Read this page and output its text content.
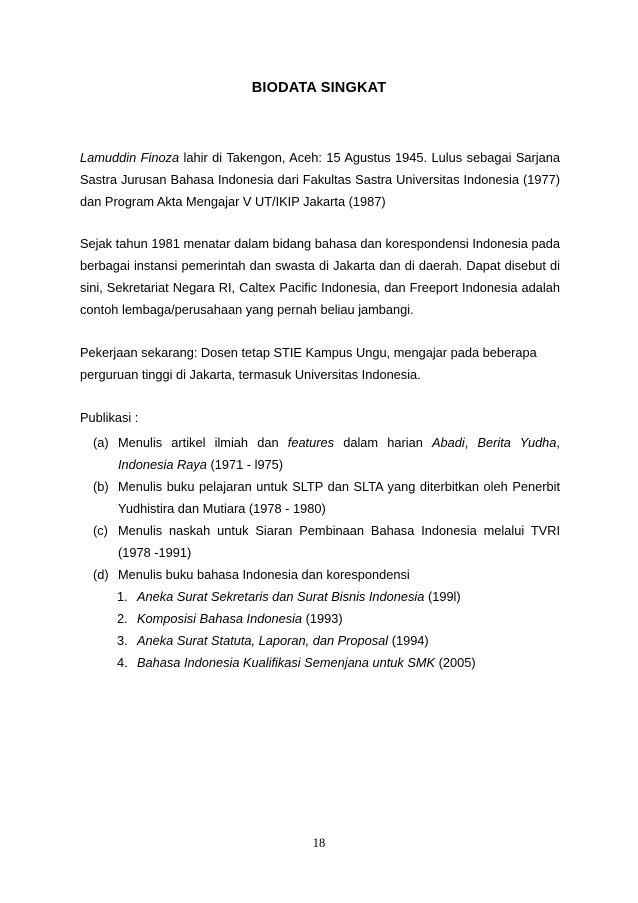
BIODATA SINGKAT
Lamuddin Finoza lahir di Takengon, Aceh: 15 Agustus 1945. Lulus sebagai Sarjana
Sastra Jurusan Bahasa Indonesia dari Fakultas Sastra Universitas Indonesia (1977)
dan Program Akta Mengajar V UT/IKIP Jakarta (1987)
Sejak tahun 1981 menatar dalam bidang bahasa dan korespondensi Indonesia pada
berbagai instansi pemerintah dan swasta di Jakarta dan di daerah. Dapat disebut di
sini, Sekretariat Negara RI, Caltex Pacific Indonesia, dan Freeport Indonesia adalah
contoh lembaga/perusahaan yang pernah beliau jambangi.
Pekerjaan sekarang: Dosen tetap STIE Kampus Ungu, mengajar pada beberapa
perguruan tinggi di Jakarta, termasuk Universitas Indonesia.
Publikasi :
(a) Menulis artikel ilmiah dan features dalam harian Abadi, Berita Yudha,
Indonesia Raya (1971 - l975)
(b) Menulis buku pelajaran untuk SLTP dan SLTA yang diterbitkan oleh Penerbit
Yudhistira dan Mutiara (1978 - 1980)
(c) Menulis naskah untuk Siaran Pembinaan Bahasa Indonesia melalui TVRI
(1978 -1991)
(d) Menulis buku bahasa Indonesia dan korespondensi
1. Aneka Surat Sekretaris dan Surat Bisnis Indonesia (199l)
2. Komposisi Bahasa Indonesia (1993)
3. Aneka Surat Statuta, Laporan, dan Proposal (1994)
4. Bahasa Indonesia Kualifikasi Semenjana untuk SMK (2005)
18
